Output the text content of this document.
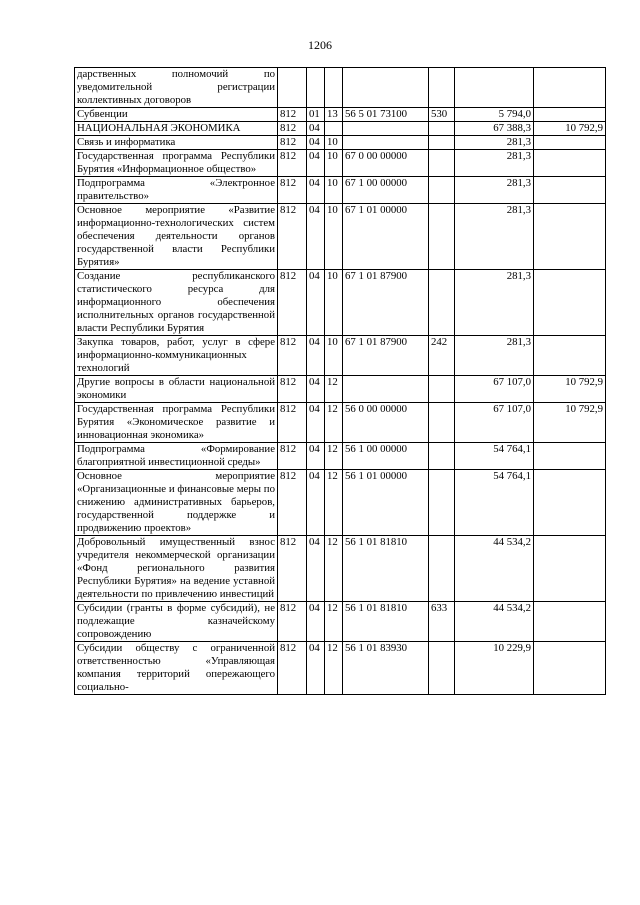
1206
дарственных полномочий по уведомительной регистрации коллективных договоров							
Субвенции	812	01	13	56 5 01 73100	530	5 794,0	
НАЦИОНАЛЬНАЯ ЭКОНОМИКА	812	04				67 388,3	10 792,9
Связь и информатика	812	04	10			281,3	
Государственная программа Республики Бурятия «Информационное общество»	812	04	10	67 0 00 00000		281,3	
Подпрограмма «Электронное правительство»	812	04	10	67 1 00 00000		281,3	
Основное мероприятие «Развитие информационно-технологических систем обеспечения деятельности органов государственной власти Республики Бурятия»	812	04	10	67 1 01 00000		281,3	
Создание республиканского статистического ресурса для информационного обеспечения исполнительных органов государственной власти Республики Бурятия	812	04	10	67 1 01 87900		281,3	
Закупка товаров, работ, услуг в сфере информационно-коммуникационных технологий	812	04	10	67 1 01 87900	242	281,3	
Другие вопросы в области национальной экономики	812	04	12			67 107,0	10 792,9
Государственная программа Республики Бурятия «Экономическое развитие и инновационная экономика»	812	04	12	56 0 00 00000		67 107,0	10 792,9
Подпрограмма «Формирование благоприятной инвестиционной среды»	812	04	12	56 1 00 00000		54 764,1	
Основное мероприятие «Организационные и финансовые меры по снижению административных барьеров, государственной поддержке и продвижению проектов»	812	04	12	56 1 01 00000		54 764,1	
Добровольный имущественный взнос учредителя некоммерческой организации «Фонд регионального развития Республики Бурятия» на ведение уставной деятельности по привлечению инвестиций	812	04	12	56 1 01 81810		44 534,2	
Субсидии (гранты в форме субсидий), не подлежащие казначейскому сопровождению	812	04	12	56 1 01 81810	633	44 534,2	
Субсидии обществу с ограниченной ответственностью «Управляющая компания территорий опережающего социально-	812	04	12	56 1 01 83930		10 229,9	
